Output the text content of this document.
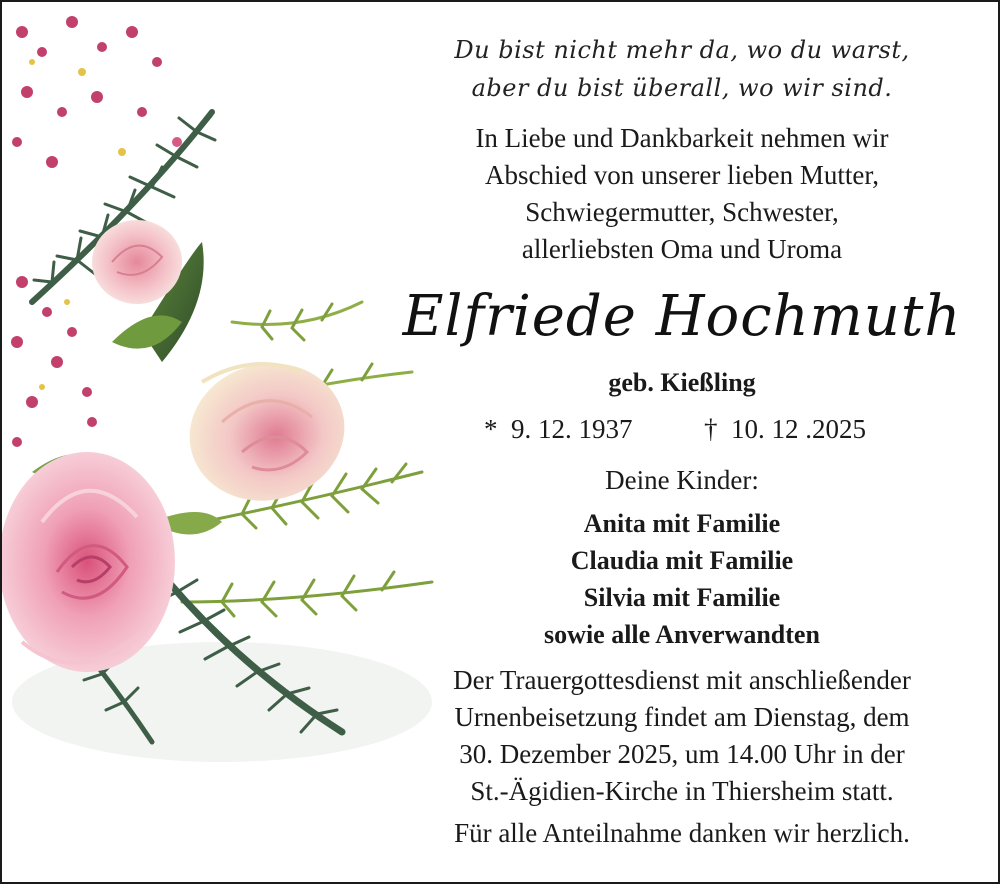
Du bist nicht mehr da, wo du warst,
aber du bist überall, wo wir sind.
In Liebe und Dankbarkeit nehmen wir
Abschied von unserer lieben Mutter,
Schwiegermutter, Schwester,
allerliebsten Oma und Uroma
Elfriede Hochmuth
geb. Kießling
* 9. 12. 1937	† 10. 12 .2025
Deine Kinder:
Anita mit Familie
Claudia mit Familie
Silvia mit Familie
sowie alle Anverwandten
Der Trauergottesdienst mit anschließender
Urnenbeisetzung findet am Dienstag, dem
30. Dezember 2025, um 14.00 Uhr in der
St.-Ägidien-Kirche in Thiersheim statt.
Für alle Anteilnahme danken wir herzlich.
